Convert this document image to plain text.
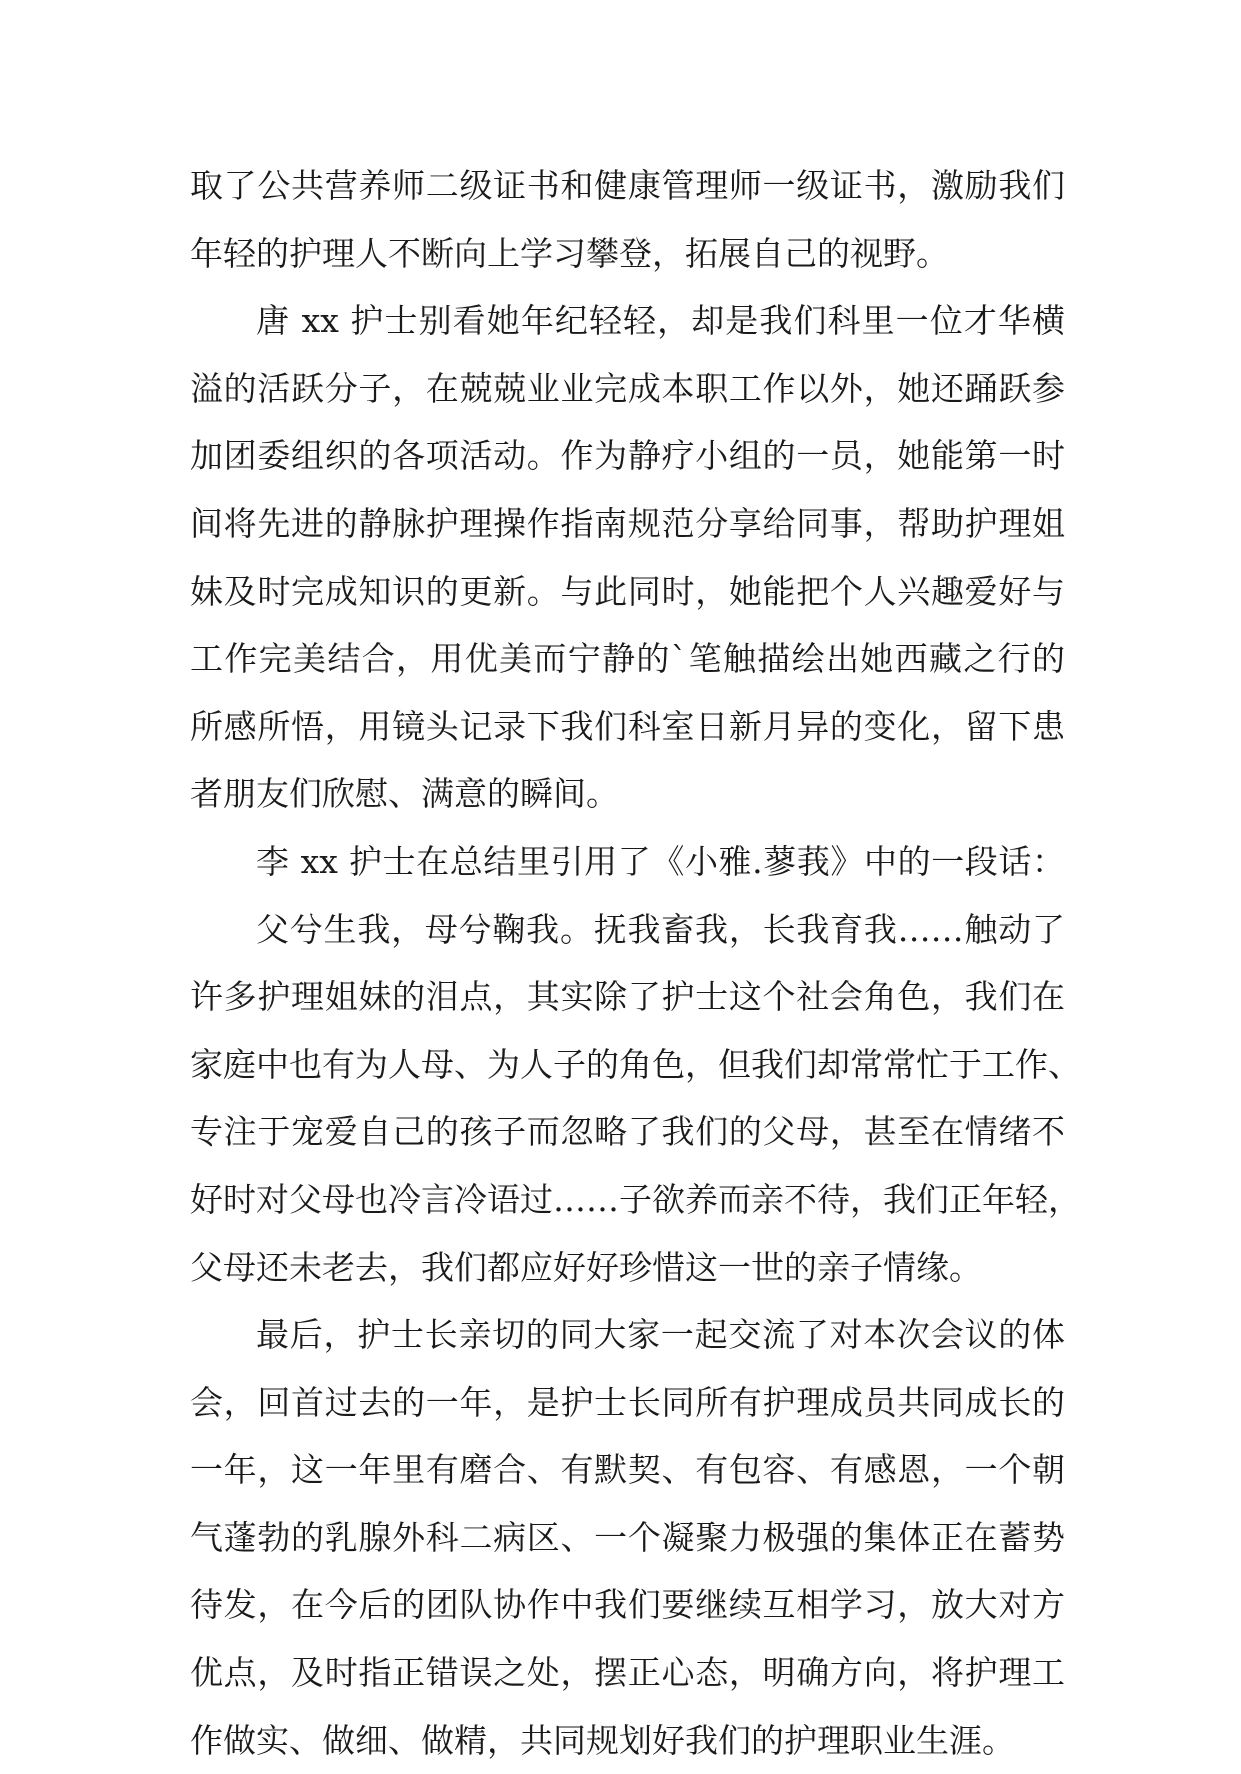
取了公共营养师二级证书和健康管理师一级证书，激励我们
年轻的护理人不断向上学习攀登，拓展自己的视野。
唐 xx 护士别看她年纪轻轻，却是我们科里一位才华横
溢的活跃分子，在兢兢业业完成本职工作以外，她还踊跃参
加团委组织的各项活动。作为静疗小组的一员，她能第一时
间将先进的静脉护理操作指南规范分享给同事，帮助护理姐
妹及时完成知识的更新。与此同时，她能把个人兴趣爱好与
工作完美结合，用优美而宁静的`笔触描绘出她西藏之行的
所感所悟，用镜头记录下我们科室日新月异的变化，留下患
者朋友们欣慰、满意的瞬间。
李 xx 护士在总结里引用了《小雅.蓼莪》中的一段话：
父兮生我，母兮鞠我。抚我畜我，长我育我……触动了
许多护理姐妹的泪点，其实除了护士这个社会角色，我们在
家庭中也有为人母、为人子的角色，但我们却常常忙于工作、
专注于宠爱自己的孩子而忽略了我们的父母，甚至在情绪不
好时对父母也冷言冷语过……子欲养而亲不待，我们正年轻，
父母还未老去，我们都应好好珍惜这一世的亲子情缘。
最后，护士长亲切的同大家一起交流了对本次会议的体
会，回首过去的一年，是护士长同所有护理成员共同成长的
一年，这一年里有磨合、有默契、有包容、有感恩，一个朝
气蓬勃的乳腺外科二病区、一个凝聚力极强的集体正在蓄势
待发，在今后的团队协作中我们要继续互相学习，放大对方
优点，及时指正错误之处，摆正心态，明确方向，将护理工
作做实、做细、做精，共同规划好我们的护理职业生涯。
